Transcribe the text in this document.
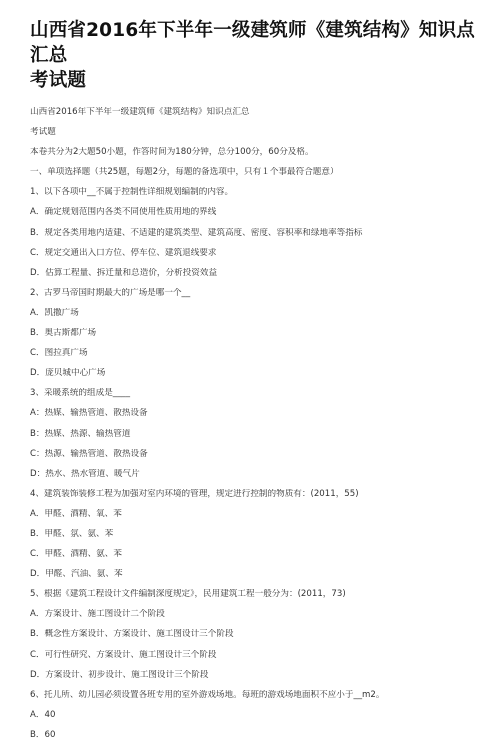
山西省2016年下半年一级建筑师《建筑结构》知识点汇总
考试题

山西省2016年下半年一级建筑师《建筑结构》知识点汇总

考试题

本卷共分为2大题50小题，作答时间为180分钟，总分100分，60分及格。

一、单项选择题（共25题，每题2分，每题的备选项中，只有１个事最符合题意）

1、以下各项中__不属于控制性详细规划编制的内容。

A．确定规划范围内各类不同使用性质用地的界线

B．规定各类用地内适建、不适建的建筑类型、建筑高度、密度、容积率和绿地率等指标

C．规定交通出入口方位、停车位、建筑退线要求

D．估算工程量、拆迁量和总造价，分析投资效益

2、古罗马帝国时期最大的广场是哪一个__

A．凯撒广场

B．奥古斯都广场

C．图拉真广场

D．庞贝城中心广场

3、采暖系统的组成是____

A：热媒、输热管道、散热设备

B：热媒、热源、输热管道

C：热源、输热管道、散热设备

D：热水、热水管道、暖气片

4、建筑装饰装修工程为加强对室内环境的管理，规定进行控制的物质有：(2011，55)

A．甲醛、酒精、氧、苯

B．甲醛、氛、氨、苯

C．甲醛、酒精、氨、苯

D．甲醛、汽油、氨、苯

5、根据《建筑工程设计文件编制深度规定》，民用建筑工程一般分为：(2011，73)

A．方案设计、施工图设计二个阶段

B．概念性方案设计、方案设计、施工图设计三个阶段

C．可行性研究、方案设计、施工图设计三个阶段

D．方案设计、初步设计、施工图设计三个阶段

6、托儿所、幼儿园必须设置各班专用的室外游戏场地。每班的游戏场地面积不应小于__m2。

A．40

B．60
